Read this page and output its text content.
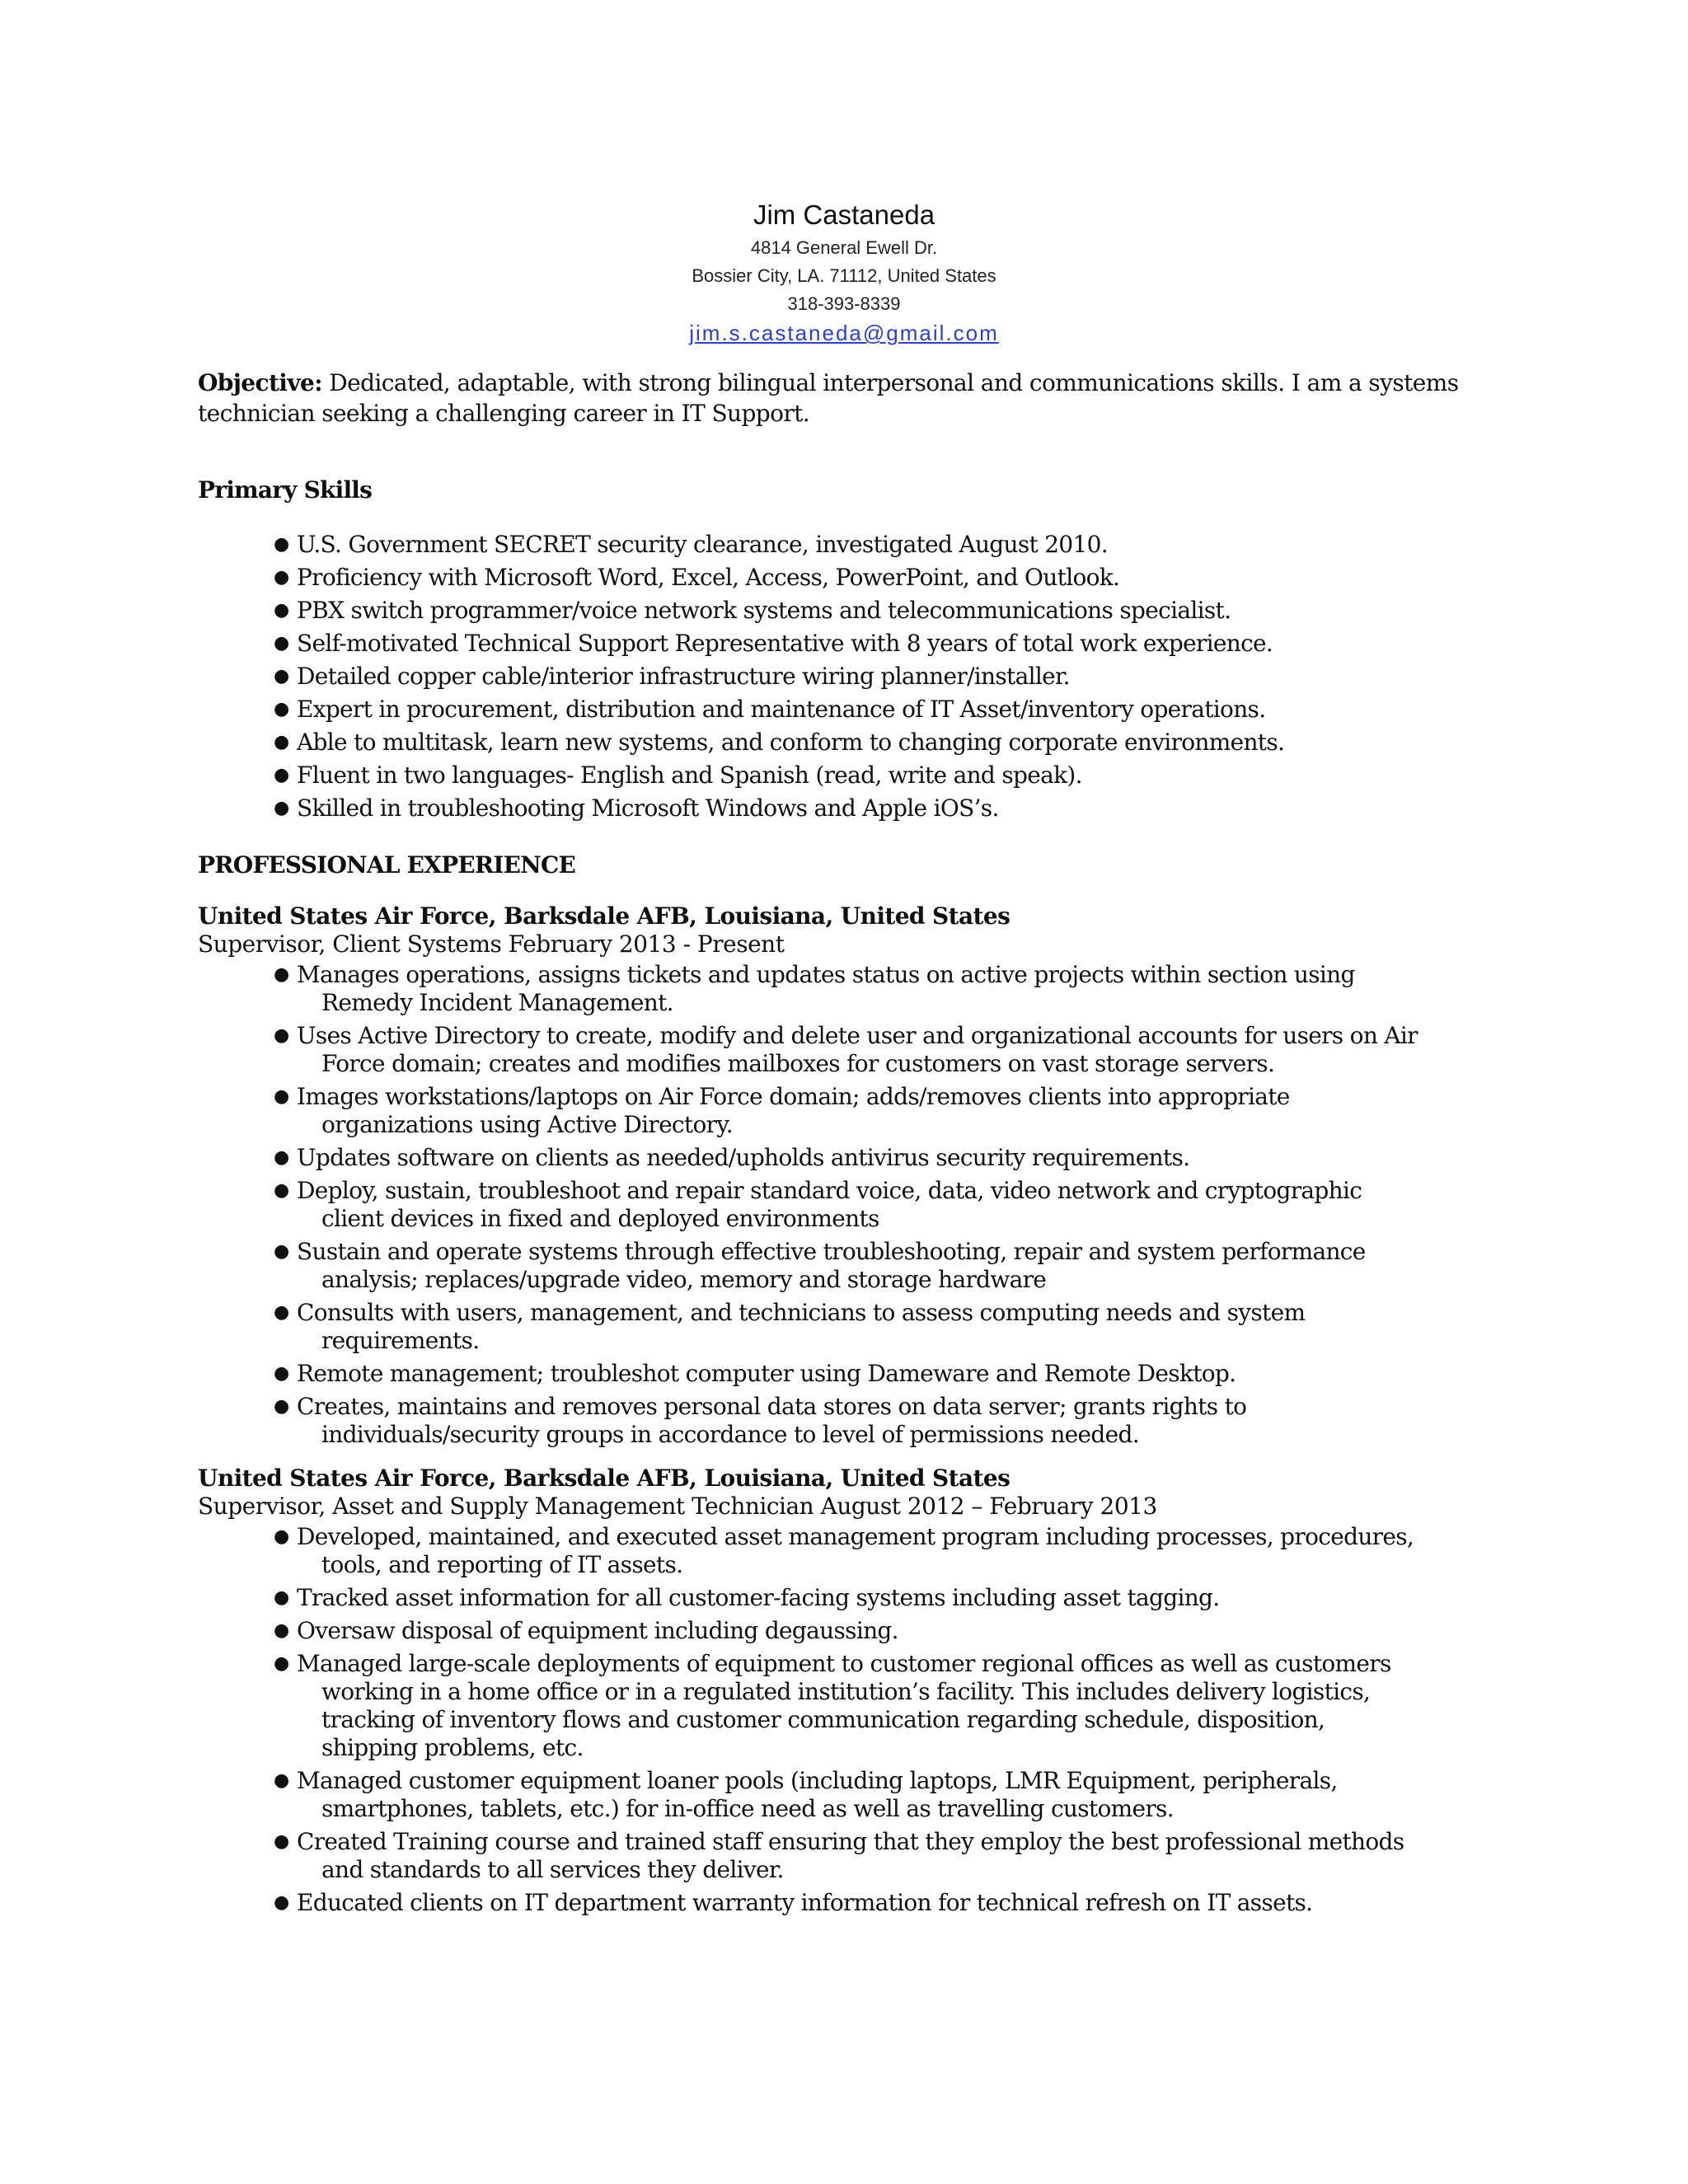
Jim Castaneda
4814 General Ewell Dr.
Bossier City, LA. 71112, United States
318-393-8339
jim.s.castaneda@gmail.com

Objective: Dedicated, adaptable, with strong bilingual interpersonal and communications skills. I am a systems technician seeking a challenging career in IT Support.

Primary Skills
● U.S. Government SECRET security clearance, investigated August 2010.
● Proficiency with Microsoft Word, Excel, Access, PowerPoint, and Outlook.
● PBX switch programmer/voice network systems and telecommunications specialist.
● Self-motivated Technical Support Representative with 8 years of total work experience.
● Detailed copper cable/interior infrastructure wiring planner/installer.
● Expert in procurement, distribution and maintenance of IT Asset/inventory operations.
● Able to multitask, learn new systems, and conform to changing corporate environments.
● Fluent in two languages- English and Spanish (read, write and speak).
● Skilled in troubleshooting Microsoft Windows and Apple iOS’s.
PROFESSIONAL EXPERIENCE
United States Air Force, Barksdale AFB, Louisiana, United States
Supervisor, Client Systems February 2013 - Present
● Manages operations, assigns tickets and updates status on active projects within section using
Remedy Incident Management.
● Uses Active Directory to create, modify and delete user and organizational accounts for users on Air
Force domain; creates and modifies mailboxes for customers on vast storage servers.
● Images workstations/laptops on Air Force domain; adds/removes clients into appropriate
organizations using Active Directory.
● Updates software on clients as needed/upholds antivirus security requirements.
● Deploy, sustain, troubleshoot and repair standard voice, data, video network and cryptographic
client devices in fixed and deployed environments
● Sustain and operate systems through effective troubleshooting, repair and system performance
analysis; replaces/upgrade video, memory and storage hardware
● Consults with users, management, and technicians to assess computing needs and system
requirements.
● Remote management; troubleshot computer using Dameware and Remote Desktop.
● Creates, maintains and removes personal data stores on data server; grants rights to
individuals/security groups in accordance to level of permissions needed.
United States Air Force, Barksdale AFB, Louisiana, United States
Supervisor, Asset and Supply Management Technician August 2012 – February 2013
● Developed, maintained, and executed asset management program including processes, procedures,
tools, and reporting of IT assets.
● Tracked asset information for all customer-facing systems including asset tagging.
● Oversaw disposal of equipment including degaussing.
● Managed large-scale deployments of equipment to customer regional offices as well as customers
working in a home office or in a regulated institution’s facility. This includes delivery logistics,
tracking of inventory flows and customer communication regarding schedule, disposition,
shipping problems, etc.
● Managed customer equipment loaner pools (including laptops, LMR Equipment, peripherals,
smartphones, tablets, etc.) for in-office need as well as travelling customers.
● Created Training course and trained staff ensuring that they employ the best professional methods
and standards to all services they deliver.
● Educated clients on IT department warranty information for technical refresh on IT assets.
